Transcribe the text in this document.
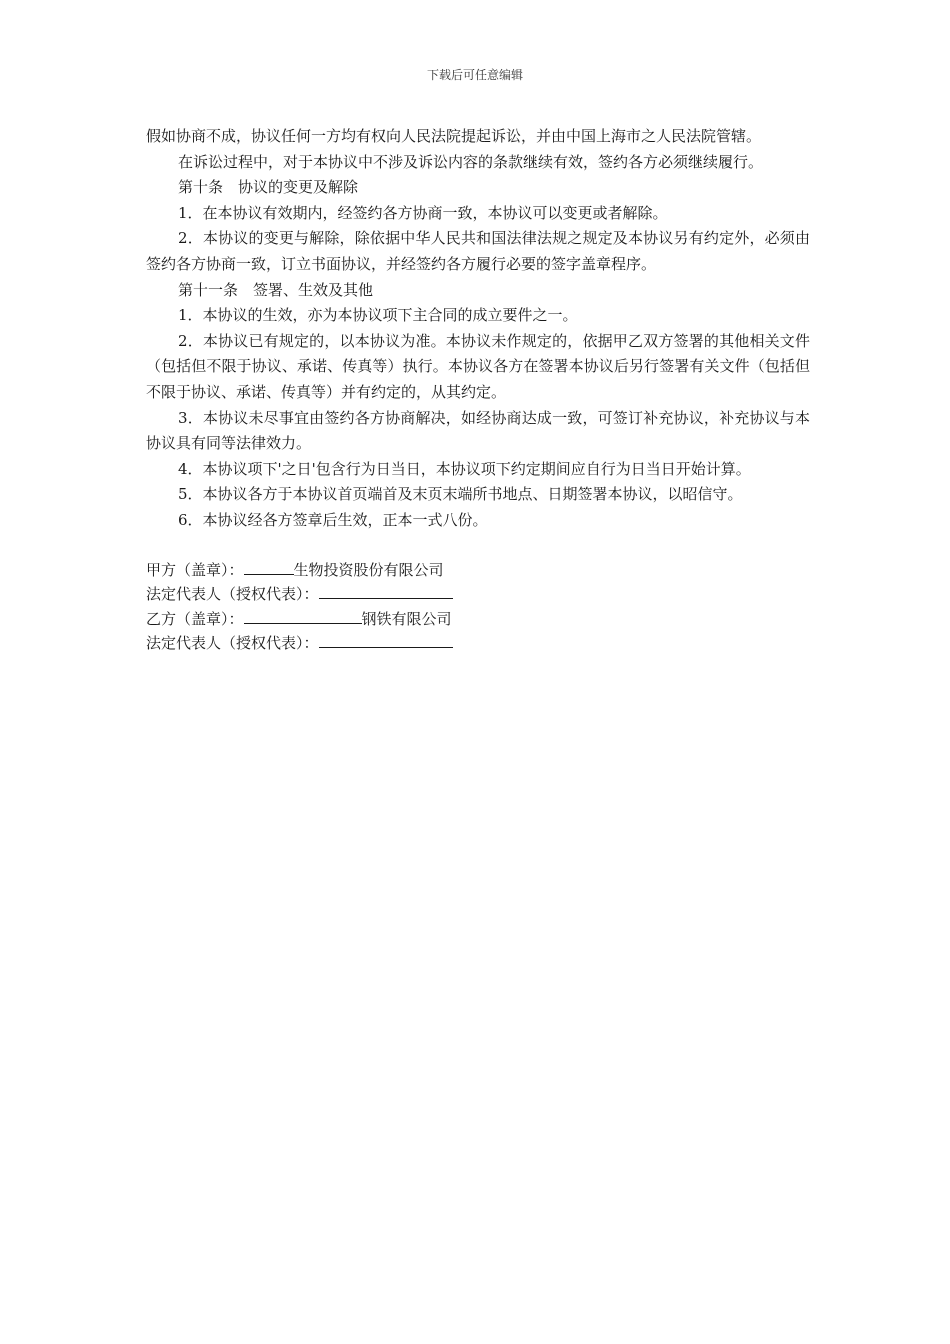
下载后可任意编辑

假如协商不成，协议任何一方均有权向人民法院提起诉讼，并由中国上海市之人民法院管辖。

在诉讼过程中，对于本协议中不涉及诉讼内容的条款继续有效，签约各方必须继续履行。

第十条　协议的变更及解除

1．在本协议有效期内，经签约各方协商一致，本协议可以变更或者解除。

2．本协议的变更与解除，除依据中华人民共和国法律法规之规定及本协议另有约定外，必须由签约各方协商一致，订立书面协议，并经签约各方履行必要的签字盖章程序。

第十一条　签署、生效及其他

1．本协议的生效，亦为本协议项下主合同的成立要件之一。

2．本协议已有规定的，以本协议为准。本协议未作规定的，依据甲乙双方签署的其他相关文件（包括但不限于协议、承诺、传真等）执行。本协议各方在签署本协议后另行签署有关文件（包括但不限于协议、承诺、传真等）并有约定的，从其约定。

3．本协议未尽事宜由签约各方协商解决，如经协商达成一致，可签订补充协议，补充协议与本协议具有同等法律效力。

4．本协议项下'之日'包含行为日当日，本协议项下约定期间应自行为日当日开始计算。

5．本协议各方于本协议首页端首及末页末端所书地点、日期签署本协议，以昭信守。

6．本协议经各方签章后生效，正本一式八份。

甲方（盖章）：	生物投资股份有限公司

法定代表人（授权代表）：

乙方（盖章）：	钢铁有限公司

法定代表人（授权代表）：
